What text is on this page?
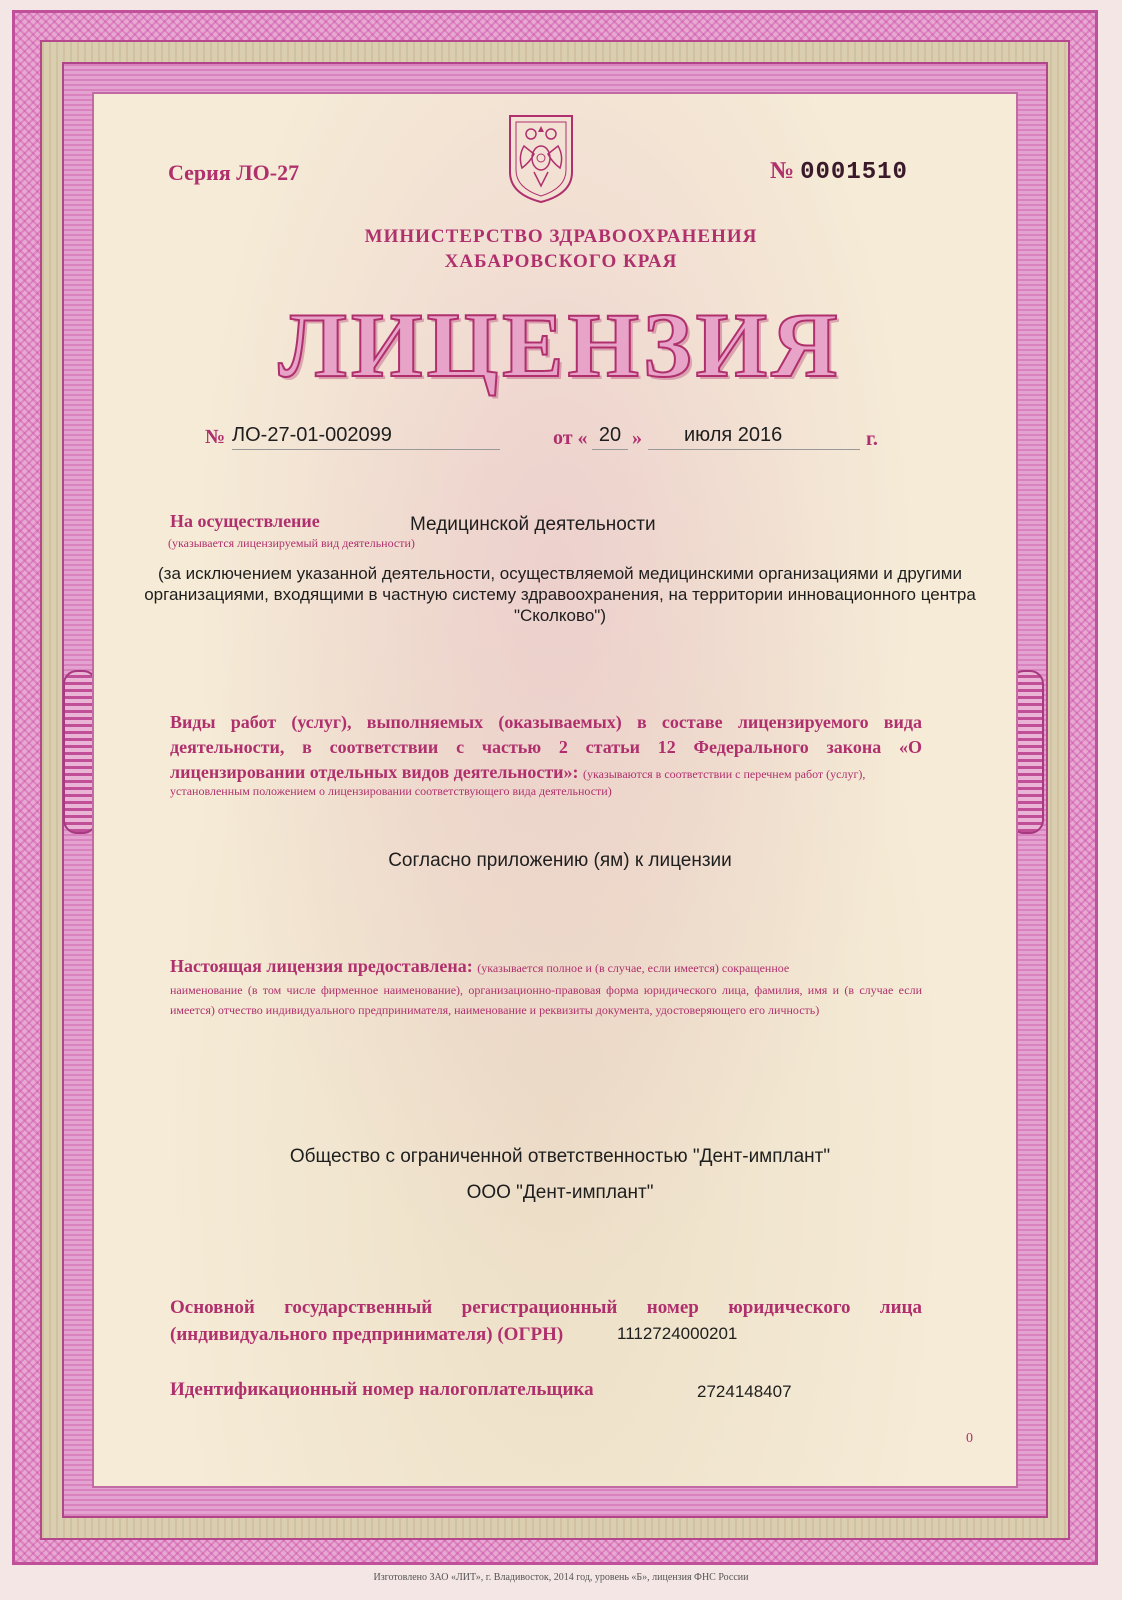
Серия ЛО-27	№ 0001510
МИНИСТЕРСТВО ЗДРАВООХРАНЕНИЯ
ХАБАРОВСКОГО КРАЯ
ЛИЦЕНЗИЯ
№ ЛО-27-01-002099	от « 20 »	июля 2016	г.
На осуществление
(указывается лицензируемый вид деятельности)
Медицинской деятельности
(за исключением указанной деятельности, осуществляемой медицинскими организациями и другими организациями, входящими в частную систему здравоохранения, на территории инновационного центра "Сколково")
Виды работ (услуг), выполняемых (оказываемых) в составе лицензируемого вида деятельности, в соответствии с частью 2 статьи 12 Федерального закона «О лицензировании отдельных видов деятельности»: (указываются в соответствии с перечнем работ (услуг),
установленным положением о лицензировании соответствующего вида деятельности)
Согласно приложению (ям) к лицензии
Настоящая лицензия предоставлена: (указывается полное и (в случае, если имеется) сокращенное
наименование (в том числе фирменное наименование), организационно-правовая форма юридического лица, фамилия, имя и (в случае если имеется) отчество индивидуального предпринимателя, наименование и реквизиты документа, удостоверяющего его личность)
Общество с ограниченной ответственностью "Дент-имплант"
ООО "Дент-имплант"
Основной государственный регистрационный номер юридического лица (индивидуального предпринимателя) (ОГРН)	1112724000201
Идентификационный номер налогоплательщика	2724148407
0
Изготовлено ЗАО «ЛИТ», г. Владивосток, 2014 год, уровень «Б», лицензия ФНС России
